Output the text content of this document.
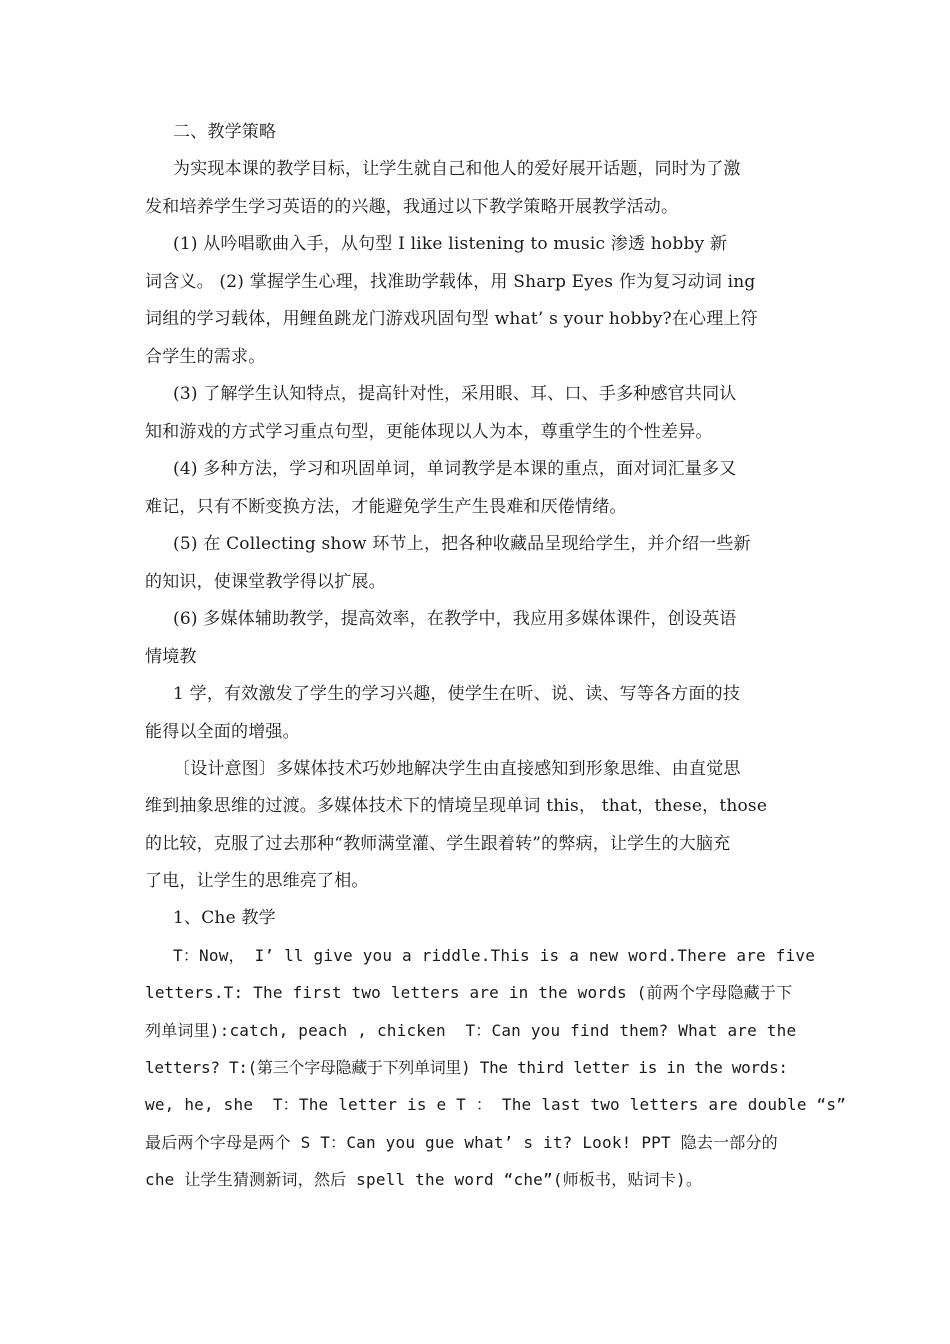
二、教学策略
为实现本课的教学目标，让学生就自己和他人的爱好展开话题，同时为了激
发和培养学生学习英语的的兴趣，我通过以下教学策略开展教学活动。
(1) 从吟唱歌曲入手，从句型 I like listening to music 渗透 hobby 新
词含义。 (2) 掌握学生心理，找准助学载体，用 Sharp Eyes 作为复习动词 ing
词组的学习载体，用鲤鱼跳龙门游戏巩固句型 what’ s your hobby?在心理上符
合学生的需求。
(3) 了解学生认知特点，提高针对性，采用眼、耳、口、手多种感官共同认
知和游戏的方式学习重点句型，更能体现以人为本，尊重学生的个性差异。
(4) 多种方法，学习和巩固单词，单词教学是本课的重点，面对词汇量多又
难记，只有不断变换方法，才能避免学生产生畏难和厌倦情绪。
(5) 在 Collecting show 环节上，把各种收藏品呈现给学生，并介绍一些新
的知识，使课堂教学得以扩展。
(6) 多媒体辅助教学，提高效率，在教学中，我应用多媒体课件，创设英语
情境教
1 学，有效激发了学生的学习兴趣，使学生在听、说、读、写等各方面的技
能得以全面的增强。
〔设计意图〕多媒体技术巧妙地解决学生由直接感知到形象思维、由直觉思
维到抽象思维的过渡。多媒体技术下的情境呈现单词 this， that，these，those
的比较，克服了过去那种“教师满堂灌、学生跟着转”的弊病，让学生的大脑充
了电，让学生的思维亮了相。
1、Che 教学
T：Now， I’ ll give you a riddle.This is a new word.There are five
letters.T: The first two letters are in the words (前两个字母隐藏于下
列单词里):catch, peach , chicken  T：Can you find them? What are the
letters? T:(第三个字母隐藏于下列单词里) The third letter is in the words:
we, he, she  T：The letter is e T ： The last two letters are double “s”
最后两个字母是两个 S T：Can you gue what’ s it? Look! PPT 隐去一部分的
che 让学生猜测新词，然后 spell the word “che”(师板书，贴词卡)。
